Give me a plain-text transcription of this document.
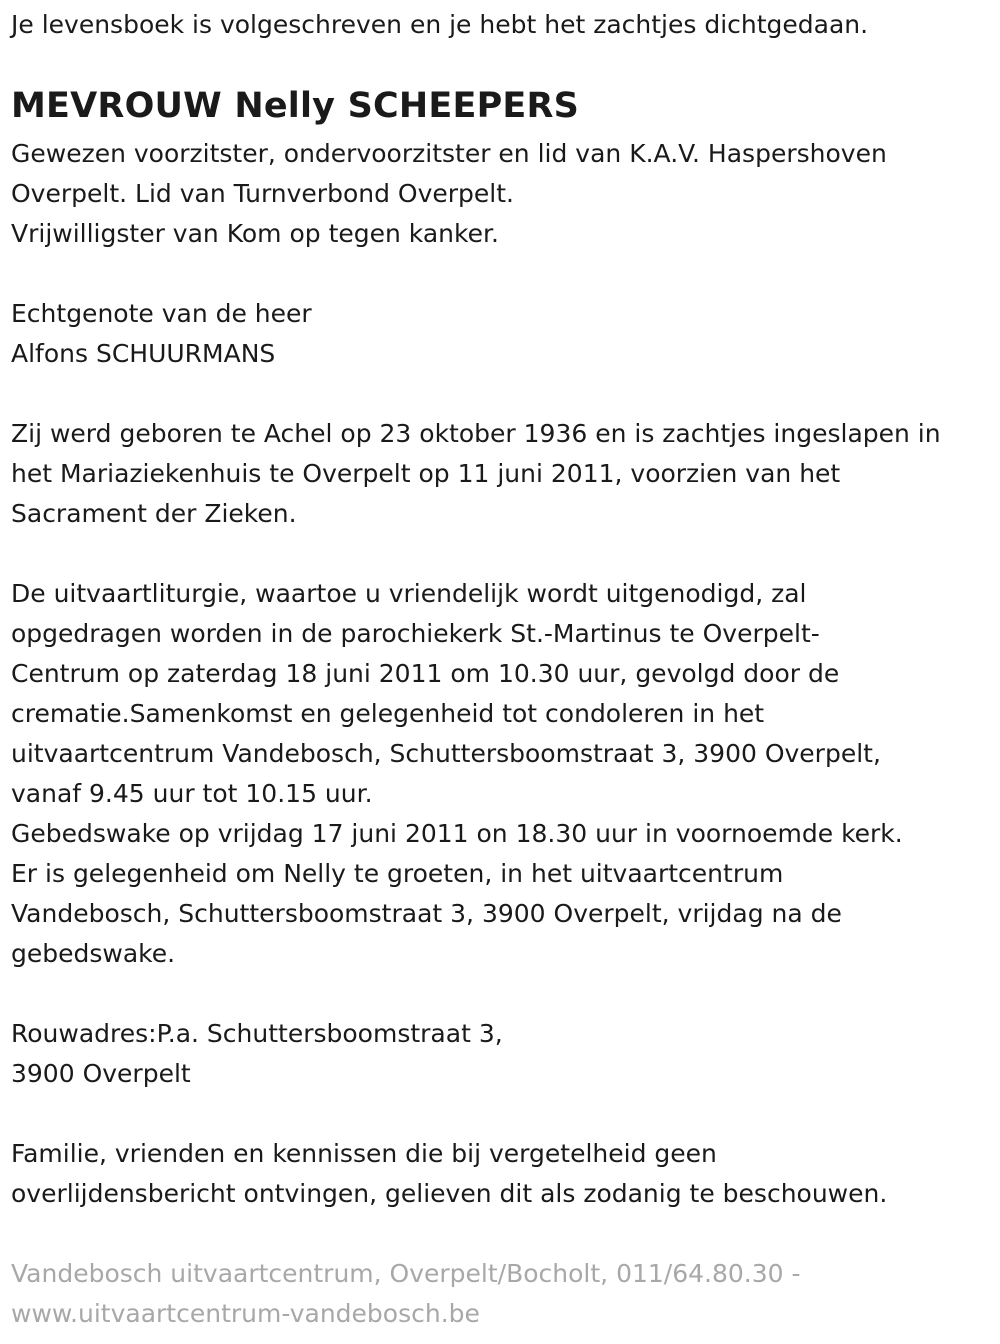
Je levensboek is volgeschreven en je hebt het zachtjes dichtgedaan.
MEVROUW Nelly SCHEEPERS
Gewezen voorzitster, ondervoorzitster en lid van K.A.V. Haspershoven
Overpelt. Lid van Turnverbond Overpelt.
Vrijwilligster van Kom op tegen kanker.
Echtgenote van de heer
Alfons SCHUURMANS
Zij werd geboren te Achel op 23 oktober 1936 en is zachtjes ingeslapen in
het Mariaziekenhuis te Overpelt op 11 juni 2011, voorzien van het
Sacrament der Zieken.
De uitvaartliturgie, waartoe u vriendelijk wordt uitgenodigd, zal
opgedragen worden in de parochiekerk St.-Martinus te Overpelt-
Centrum op zaterdag 18 juni 2011 om 10.30 uur, gevolgd door de
crematie.Samenkomst en gelegenheid tot condoleren in het
uitvaartcentrum Vandebosch, Schuttersboomstraat 3, 3900 Overpelt,
vanaf 9.45 uur tot 10.15 uur.
Gebedswake op vrijdag 17 juni 2011 on 18.30 uur in voornoemde kerk.
Er is gelegenheid om Nelly te groeten, in het uitvaartcentrum
Vandebosch, Schuttersboomstraat 3, 3900 Overpelt, vrijdag na de
gebedswake.
Rouwadres:P.a. Schuttersboomstraat 3,
3900 Overpelt
Familie, vrienden en kennissen die bij vergetelheid geen
overlijdensbericht ontvingen, gelieven dit als zodanig te beschouwen.
Vandebosch uitvaartcentrum, Overpelt/Bocholt, 011/64.80.30 -
www.uitvaartcentrum-vandebosch.be
